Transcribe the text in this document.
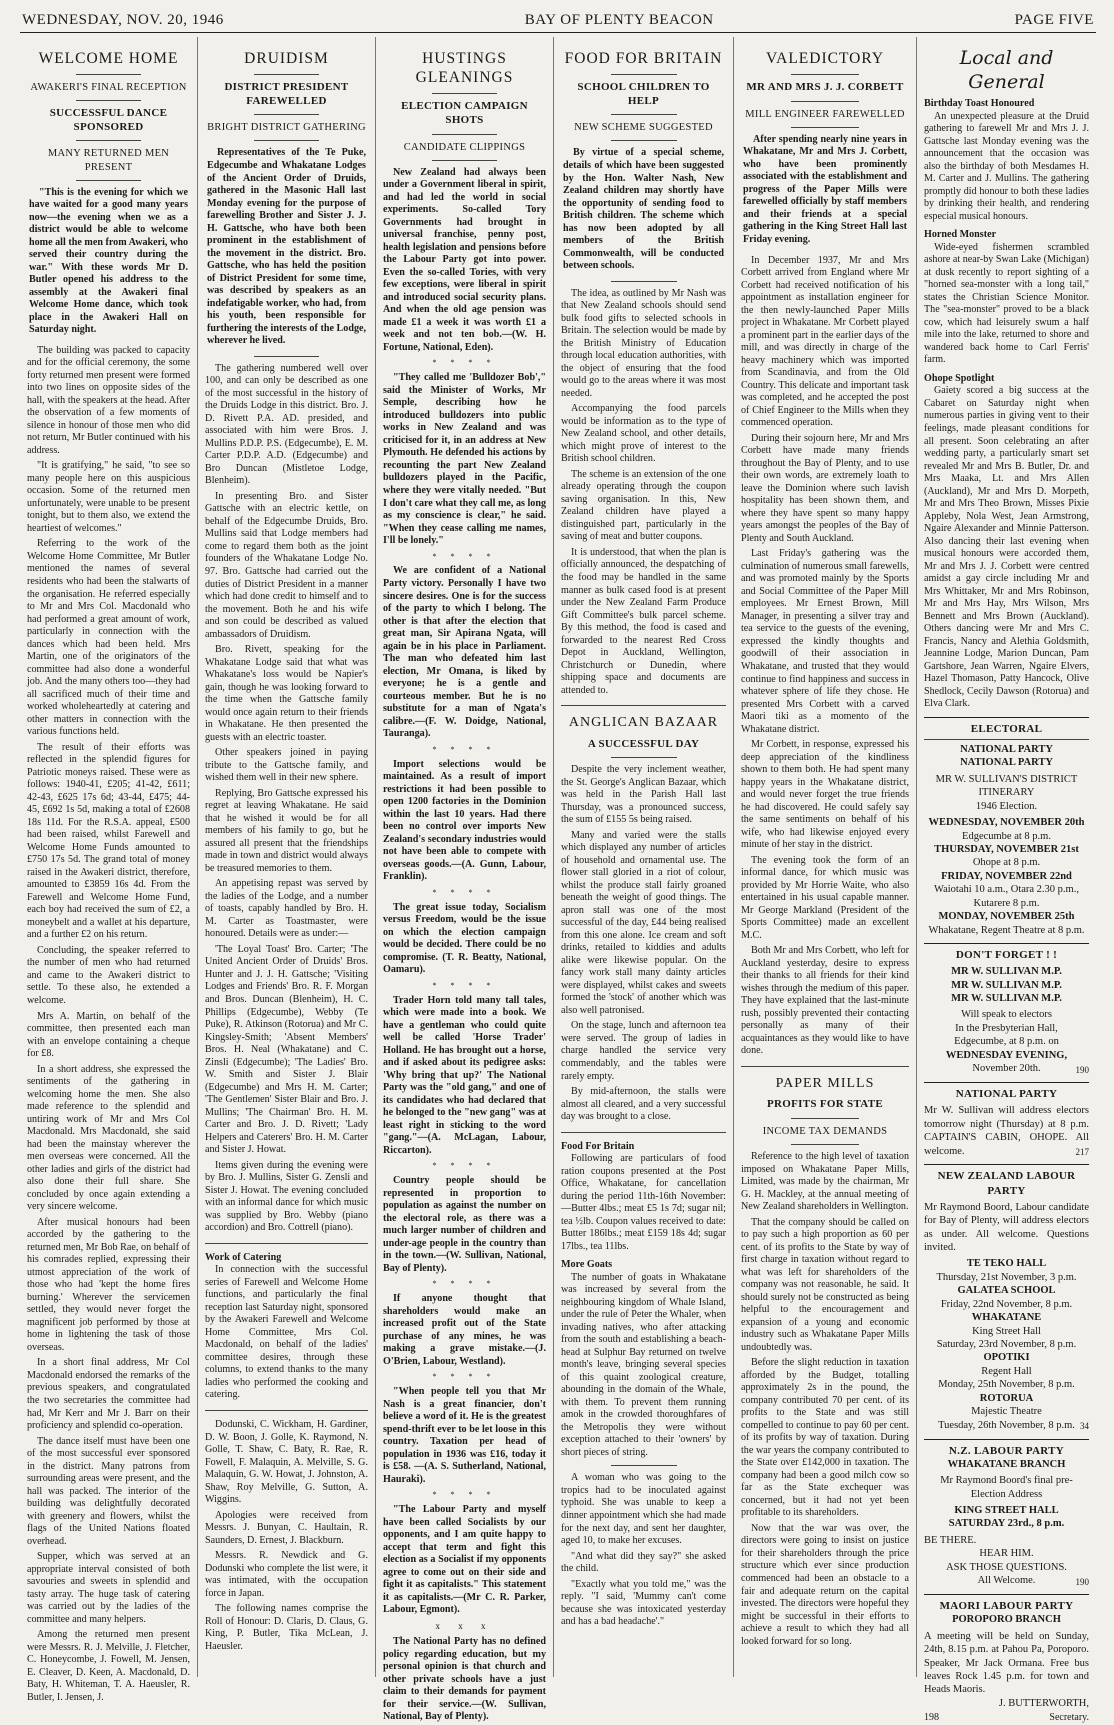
WEDNESDAY, NOV. 20, 1946	BAY OF PLENTY BEACON	PAGE FIVE
WELCOME HOME
AWAKERI'S FINAL RECEPTION
SUCCESSFUL DANCE SPONSORED
MANY RETURNED MEN PRESENT

"This is the evening for which we have waited for a good many years now—the evening when we as a district would be able to welcome home all the men from Awakeri, who served their country during the war." With these words Mr D. Butler opened his address to the assembly at the Awakeri final Welcome Home dance, which took place in the Awakeri Hall on Saturday night.

The building was packed to capacity and for the official ceremony, the some forty returned men present were formed into two lines on opposite sides of the hall, with the speakers at the head. After the observation of a few moments of silence in honour of those men who did not return, Mr Butler continued with his address.

"It is gratifying," he said, "to see so many people here on this auspicious occasion. Some of the returned men unfortunately, were unable to be present tonight, but to them also, we extend the heartiest of welcomes."

Referring to the work of the Welcome Home Committee, Mr Butler mentioned the names of several residents who had been the stalwarts of the organisation. He referred especially to Mr and Mrs Col. Macdonald who had performed a great amount of work, particularly in connection with the dances which had been held. Mrs Martin, one of the originators of the committee had also done a wonderful job. And the many others too—they had all sacrificed much of their time and worked wholeheartedly at catering and other matters in connection with the various functions held.

The result of their efforts was reflected in the splendid figures for Patriotic moneys raised. These were as follows: 1940-41, £205; 41-42, £611; 42-43, £625 17s 6d; 43-44, £475; 44-45, £692 1s 5d, making a total of £2608 18s 11d. For the R.S.A. appeal, £500 had been raised, whilst Farewell and Welcome Home Funds amounted to £750 17s 5d. The grand total of money raised in the Awakeri district, therefore, amounted to £3859 16s 4d. From the Farewell and Welcome Home Fund, each boy had received the sum of £2, a moneybelt and a wallet at his departure, and a further £2 on his return.

Concluding, the speaker referred to the number of men who had returned and came to the Awakeri district to settle. To these also, he extended a welcome.

Mrs A. Martin, on behalf of the committee, then presented each man with an envelope containing a cheque for £8.

In a short address, she expressed the sentiments of the gathering in welcoming home the men. She also made reference to the splendid and untiring work of Mr and Mrs Col Macdonald. Mrs Macdonald, she said had been the mainstay wherever the men overseas were concerned. All the other ladies and girls of the district had also done their full share. She concluded by once again extending a very sincere welcome.

After musical honours had been accorded by the gathering to the returned men, Mr Bob Rae, on behalf of his comrades replied, expressing their utmost appreciation of the work of those who had 'kept the home fires burning.' Wherever the servicemen settled, they would never forget the magnificent job performed by those at home in lightening the task of those overseas.

In a short final address, Mr Col Macdonald endorsed the remarks of the previous speakers, and congratulated the two secretaries the committee had had, Mr Kerr and Mr J. Barr on their proficiency and splendid co-operation.

The dance itself must have been one of the most successful ever sponsored in the district. Many patrons from surrounding areas were present, and the hall was packed. The interior of the building was delightfully decorated with greenery and flowers, whilst the flags of the United Nations floated overhead.

Supper, which was served at an appropriate interval consisted of both savouries and sweets in splendid and tasty array. The huge task of catering was carried out by the ladies of the committee and many helpers.

Among the returned men present were Messrs. R. J. Melville, J. Fletcher, C. Honeycombe, J. Fowell, M. Jensen, E. Cleaver, D. Keen, A. Macdonald, D. Baty, H. Whiteman, T. A. Haeusler, R. Butler, I. Jensen, J.

DRUIDISM
DISTRICT PRESIDENT FAREWELLED
BRIGHT DISTRICT GATHERING

Representatives of the Te Puke, Edgecumbe and Whakatane Lodges of the Ancient Order of Druids, gathered in the Masonic Hall last Monday evening for the purpose of farewelling Brother and Sister J. J. H. Gattsche, who have both been prominent in the establishment of the movement in the district. Bro. Gattsche, who has held the position of District President for some time, was described by speakers as an indefatigable worker, who had, from his youth, been responsible for furthering the interests of the Lodge, wherever he lived.

The gathering numbered well over 100, and can only be described as one of the most successful in the history of the Druids Lodge in this district. Bro. J. D. Rivett P.A. AD. presided, and associated with him were Bros. J. Mullins P.D.P. P.S. (Edgecumbe), E. M. Carter P.D.P. A.D. (Edgecumbe) and Bro Duncan (Mistletoe Lodge, Blenheim).

In presenting Bro. and Sister Gattsche with an electric kettle, on behalf of the Edgecumbe Druids, Bro. Mullins said that Lodge members had come to regard them both as the joint founders of the Whakatane Lodge No. 97. Bro. Gattsche had carried out the duties of District President in a manner which had done credit to himself and to the movement. Both he and his wife and son could be described as valued ambassadors of Druidism.

Bro. Rivett, speaking for the Whakatane Lodge said that what was Whakatane's loss would be Napier's gain, though he was looking forward to the time when the Gattsche family would once again return to their friends in Whakatane. He then presented the guests with an electric toaster.

Other speakers joined in paying tribute to the Gattsche family, and wished them well in their new sphere.

Replying, Bro Gattsche expressed his regret at leaving Whakatane. He said that he wished it would be for all members of his family to go, but he assured all present that the friendships made in town and district would always be treasured memories to them.

An appetising repast was served by the ladies of the Lodge, and a number of toasts, capably handled by Bro. H. M. Carter as Toastmaster, were honoured. Details were as under:—

'The Loyal Toast' Bro. Carter; 'The United Ancient Order of Druids' Bros. Hunter and J. J. H. Gattsche; 'Visiting Lodges and Friends' Bro. R. F. Morgan and Bros. Duncan (Blenheim), H. C. Phillips (Edgecumbe), Webby (Te Puke), R. Atkinson (Rotorua) and Mr C. Kingsley-Smith; 'Absent Members' Bros. H. Neal (Whakatane) and C. Zinsli (Edgecumbe); 'The Ladies' Bro. W. Smith and Sister J. Blair (Edgecumbe) and Mrs H. M. Carter; 'The Gentlemen' Sister Blair and Bro. J. Mullins; 'The Chairman' Bro. H. M. Carter and Bro. J. D. Rivett; 'Lady Helpers and Caterers' Bro. H. M. Carter and Sister J. Howat.

Items given during the evening were by Bro. J. Mullins, Sister G. Zensli and Sister J. Howat. The evening concluded with an informal dance for which music was supplied by Bro. Webby (piano accordion) and Bro. Cottrell (piano).

Work of Catering

In connection with the successful series of Farewell and Welcome Home functions, and particularly the final reception last Saturday night, sponsored by the Awakeri Farewell and Welcome Home Committee, Mrs Col. Macdonald, on behalf of the ladies' committee desires, through these columns, to extend thanks to the many ladies who performed the cooking and catering.

Dodunski, C. Wickham, H. Gardiner, D. W. Boon, J. Golle, K. Raymond, N. Golle, T. Shaw, C. Baty, R. Rae, R. Fowell, F. Malaquin, A. Melville, S. G. Malaquin, G. W. Howat, J. Johnston, A. Shaw, Roy Melville, G. Sutton, A. Wiggins.

Apologies were received from Messrs. J. Bunyan, C. Haultain, R. Saunders, D. Ernest, J. Blackburn.

Messrs. R. Newdick and G. Dodunski who complete the list were, it was intimated, with the occupation force in Japan.

The following names comprise the Roll of Honour: D. Claris, D. Claus, G. King, P. Butler, Tika McLean, J. Haeusler.

HUSTINGS GLEANINGS
ELECTION CAMPAIGN SHOTS
CANDIDATE CLIPPINGS

New Zealand had always been under a Government liberal in spirit, and had led the world in social experiments. So-called Tory Governments had brought in universal franchise, penny post, health legislation and pensions before the Labour Party got into power. Even the so-called Tories, with very few exceptions, were liberal in spirit and introduced social security plans. And when the old age pension was made £1 a week it was worth £1 a week and not ten bob.—(W. H. Fortune, National, Eden).

* * * *

"They called me 'Bulldozer Bob'," said the Minister of Works, Mr Semple, describing how he introduced bulldozers into public works in New Zealand and was criticised for it, in an address at New Plymouth. He defended his actions by recounting the part New Zealand bulldozers played in the Pacific, where they were vitally needed. "But I don't care what they call me, as long as my conscience is clear," he said. "When they cease calling me names, I'll be lonely."

* * * *

We are confident of a National Party victory. Personally I have two sincere desires. One is for the success of the party to which I belong. The other is that after the election that great man, Sir Apirana Ngata, will again be in his place in Parliament. The man who defeated him last election, Mr Omana, is liked by everyone; he is a gentle and courteous member. But he is no substitute for a man of Ngata's calibre.—(F. W. Doidge, National, Tauranga).

* * * *

Import selections would be maintained. As a result of import restrictions it had been possible to open 1200 factories in the Dominion within the last 10 years. Had there been no control over imports New Zealand's secondary industries would not have been able to compete with overseas goods.—(A. Gunn, Labour, Franklin).

* * * *

The great issue today, Socialism versus Freedom, would be the issue on which the election campaign would be decided. There could be no compromise. (T. R. Beatty, National, Oamaru).

* * * *

Trader Horn told many tall tales, which were made into a book. We have a gentleman who could quite well be called 'Horse Trader' Holland. He has brought out a horse, and if asked about its pedigree asks: 'Why bring that up?' The National Party was the "old gang," and one of its candidates who had declared that he belonged to the "new gang" was at least right in sticking to the word "gang."—(A. McLagan, Labour, Riccarton).

* * * *

Country people should be represented in proportion to population as against the number on the electoral role, as there was a much larger number of children and under-age people in the country than in the town.—(W. Sullivan, National, Bay of Plenty).

* * * *

If anyone thought that shareholders would make an increased profit out of the State purchase of any mines, he was making a grave mistake.—(J. O'Brien, Labour, Westland).

* * * *

"When people tell you that Mr Nash is a great financier, don't believe a word of it. He is the greatest spend-thrift ever to be let loose in this country. Taxation per head of population in 1936 was £16, today it is £58. —(A. S. Sutherland, National, Hauraki).

* * * *

"The Labour Party and myself have been called Socialists by our opponents, and I am quite happy to accept that term and fight this election as a Socialist if my opponents agree to come out on their side and fight it as capitalists." This statement it as capitalists.—(Mr C. R. Parker, Labour, Egmont).

x x x

The National Party has no defined policy regarding education, but my personal opinion is that church and other private schools have a just claim to their demands for payment for their service.—(W. Sullivan, National, Bay of Plenty).

FOOD FOR BRITAIN
SCHOOL CHILDREN TO HELP
NEW SCHEME SUGGESTED

By virtue of a special scheme, details of which have been suggested by the Hon. Walter Nash, New Zealand children may shortly have the opportunity of sending food to British children. The scheme which has now been adopted by all members of the British Commonwealth, will be conducted between schools.

The idea, as outlined by Mr Nash was that New Zealand schools should send bulk food gifts to selected schools in Britain. The selection would be made by the British Ministry of Education through local education authorities, with the object of ensuring that the food would go to the areas where it was most needed.

Accompanying the food parcels would be information as to the type of New Zealand school, and other details, which might prove of interest to the British school children.

The scheme is an extension of the one already operating through the coupon saving organisation. In this, New Zealand children have played a distinguished part, particularly in the saving of meat and butter coupons.

It is understood, that when the plan is officially announced, the despatching of the food may be handled in the same manner as bulk cased food is at present under the New Zealand Farm Produce Gift Committee's bulk parcel scheme. By this method, the food is cased and forwarded to the nearest Red Cross Depot in Auckland, Wellington, Christchurch or Dunedin, where shipping space and documents are attended to.

ANGLICAN BAZAAR
A SUCCESSFUL DAY

Despite the very inclement weather, the St. George's Anglican Bazaar, which was held in the Parish Hall last Thursday, was a pronounced success, the sum of £155 5s being raised.

Many and varied were the stalls which displayed any number of articles of household and ornamental use. The flower stall gloried in a riot of colour, whilst the produce stall fairly groaned beneath the weight of good things. The apron stall was one of the most successful of the day, £44 being realised from this one alone. Ice cream and soft drinks, retailed to kiddies and adults alike were likewise popular. On the fancy work stall many dainty articles were displayed, whilst cakes and sweets formed the 'stock' of another which was also well patronised.

On the stage, lunch and afternoon tea were served. The group of ladies in charge handled the service very commendably, and the tables were rarely empty.

By mid-afternoon, the stalls were almost all cleared, and a very successful day was brought to a close.

Food For Britain

Following are particulars of food ration coupons presented at the Post Office, Whakatane, for cancellation during the period 11th-16th November:—Butter 4lbs.; meat £5 1s 7d; sugar nil; tea ½lb. Coupon values received to date: Butter 186lbs.; meat £159 18s 4d; sugar 17lbs., tea 11lbs.

More Goats

The number of goats in Whakatane was increased by several from the neighbouring kingdom of Whale Island, under the rule of Peter the Whaler, when invading natives, who after attacking from the south and establishing a beach-head at Sulphur Bay returned on twelve month's leave, bringing several species of this quaint zoological creature, abounding in the domain of the Whale, with them. To prevent them running amok in the crowded thoroughfares of the Metropolis they were without exception attached to their 'owners' by short pieces of string.

A woman who was going to the tropics had to be inoculated against typhoid. She was unable to keep a dinner appointment which she had made for the next day, and sent her daughter, aged 10, to make her excuses.

"And what did they say?" she asked the child.

"Exactly what you told me," was the reply. "I said, 'Mummy can't come because she was intoxicated yesterday and has a bad headache'."

VALEDICTORY
MR AND MRS J. J. CORBETT
MILL ENGINEER FAREWELLED

After spending nearly nine years in Whakatane, Mr and Mrs J. Corbett, who have been prominently associated with the establishment and progress of the Paper Mills were farewelled officially by staff members and their friends at a special gathering in the King Street Hall last Friday evening.

In December 1937, Mr and Mrs Corbett arrived from England where Mr Corbett had received notification of his appointment as installation engineer for the then newly-launched Paper Mills project in Whakatane. Mr Corbett played a prominent part in the earlier days of the mill, and was directly in charge of the heavy machinery which was imported from Scandinavia, and from the Old Country. This delicate and important task was completed, and he accepted the post of Chief Engineer to the Mills when they commenced operation.

During their sojourn here, Mr and Mrs Corbett have made many friends throughout the Bay of Plenty, and to use their own words, are extremely loath to leave the Dominion where such lavish hospitality has been shown them, and where they have spent so many happy years amongst the peoples of the Bay of Plenty and South Auckland.

Last Friday's gathering was the culmination of numerous small farewells, and was promoted mainly by the Sports and Social Committee of the Paper Mill employees. Mr Ernest Brown, Mill Manager, in presenting a silver tray and tea service to the guests of the evening, expressed the kindly thoughts and goodwill of their association in Whakatane, and trusted that they would continue to find happiness and success in whatever sphere of life they chose. He presented Mrs Corbett with a carved Maori tiki as a momento of the Whakatane district.

Mr Corbett, in response, expressed his deep appreciation of the kindliness shown to them both. He had spent many happy years in the Whakatane district, and would never forget the true friends he had discovered. He could safely say the same sentiments on behalf of his wife, who had likewise enjoyed every minute of her stay in the district.

The evening took the form of an informal dance, for which music was provided by Mr Horrie Waite, who also entertained in his usual capable manner. Mr George Markland (President of the Sports Committee) made an excellent M.C.

Both Mr and Mrs Corbett, who left for Auckland yesterday, desire to express their thanks to all friends for their kind wishes through the medium of this paper. They have explained that the last-minute rush, possibly prevented their contacting personally as many of their acquaintances as they would like to have done.

PAPER MILLS
PROFITS FOR STATE
INCOME TAX DEMANDS

Reference to the high level of taxation imposed on Whakatane Paper Mills, Limited, was made by the chairman, Mr G. H. Mackley, at the annual meeting of New Zealand shareholders in Wellington.

That the company should be called on to pay such a high proportion as 60 per cent. of its profits to the State by way of first charge in taxation without regard to what was left for shareholders of the company was not reasonable, he said. It should surely not be constructed as being helpful to the encouragement and expansion of a young and economic industry such as Whakatane Paper Mills undoubtedly was.

Before the slight reduction in taxation afforded by the Budget, totalling approximately 2s in the pound, the company contributed 70 per cent. of its profits to the State and was still compelled to continue to pay 60 per cent. of its profits by way of taxation. During the war years the company contributed to the State over £142,000 in taxation. The company had been a good milch cow so far as the State exchequer was concerned, but it had not yet been profitable to its shareholders.

Now that the war was over, the directors were going to insist on justice for their shareholders through the price structure which ever since production commenced had been an obstacle to a fair and adequate return on the capital invested. The directors were hopeful they might be successful in their efforts to achieve a result to which they had all looked forward for so long.

Local and General
Birthday Toast Honoured

An unexpected pleasure at the Druid gathering to farewell Mr and Mrs J. J. Gattsche last Monday evening was the announcement that the occasion was also the birthday of both Mesdames H. M. Carter and J. Mullins. The gathering promptly did honour to both these ladies by drinking their health, and rendering especial musical honours.

Horned Monster

Wide-eyed fishermen scrambled ashore at near-by Swan Lake (Michigan) at dusk recently to report sighting of a "horned sea-monster with a long tail," states the Christian Science Monitor. The "sea-monster" proved to be a black cow, which had leisurely swum a half mile into the lake, returned to shore and wandered back home to Carl Ferris' farm.

Ohope Spotlight

Gaiety scored a big success at the Cabaret on Saturday night when numerous parties in giving vent to their feelings, made pleasant conditions for all present. Soon celebrating an after wedding party, a particularly smart set revealed Mr and Mrs B. Butler, Dr. and Mrs Maaka, Lt. and Mrs Allen (Auckland), Mr and Mrs D. Morpeth, Mr and Mrs Theo Brown, Misses Pixie Appleby, Nola West, Jean Armstrong, Ngaire Alexander and Minnie Patterson. Also dancing their last evening when musical honours were accorded them, Mr and Mrs J. J. Corbett were centred amidst a gay circle including Mr and Mrs Whittaker, Mr and Mrs Robinson, Mr and Mrs Hay, Mrs Wilson, Mrs Bennett and Mrs Brown (Auckland). Others dancing were Mr and Mrs C. Francis, Nancy and Alethia Goldsmith, Jeannine Lodge, Marion Duncan, Pam Gartshore, Jean Warren, Ngaire Elvers, Hazel Thomason, Patty Hancock, Olive Shedlock, Cecily Dawson (Rotorua) and Elva Clark.

ELECTORAL

NATIONAL PARTY

NATIONAL PARTY

MR W. SULLIVAN'S DISTRICT ITINERARY

1946 Election.

WEDNESDAY, NOVEMBER 20th

Edgecumbe at 8 p.m.

THURSDAY, NOVEMBER 21st

Ohope at 8 p.m.

FRIDAY, NOVEMBER 22nd

Waiotahi 10 a.m., Otara 2.30 p.m., Kutarere 8 p.m.

MONDAY, NOVEMBER 25th

Whakatane, Regent Theatre at 8 p.m.

DON'T FORGET ! !

MR W. SULLIVAN M.P.

MR W. SULLIVAN M.P.

MR W. SULLIVAN M.P.

Will speak to electors

In the Presbyterian Hall,

Edgecumbe, at 8 p.m. on

WEDNESDAY EVENING,

November 20th.	190

NATIONAL PARTY

Mr W. Sullivan will address electors tomorrow night (Thursday) at 8 p.m. CAPTAIN'S CABIN, OHOPE. All welcome.	217

NEW ZEALAND LABOUR PARTY

Mr Raymond Boord, Labour candidate for Bay of Plenty, will address electors as under. All welcome. Questions invited.

TE TEKO HALL

Thursday, 21st November, 3 p.m.

GALATEA SCHOOL

Friday, 22nd November, 8 p.m.

WHAKATANE

King Street Hall

Saturday, 23rd November, 8 p.m.

OPOTIKI

Regent Hall

Monday, 25th November, 8 p.m.

ROTORUA

Majestic Theatre

Tuesday, 26th November, 8 p.m. 34

N.Z. LABOUR PARTY

WHAKATANE BRANCH

Mr Raymond Boord's final pre-Election Address

KING STREET HALL

SATURDAY 23rd., 8 p.m.

BE THERE.

HEAR HIM.

ASK THOSE QUESTIONS.

All Welcome.	190

MAORI LABOUR PARTY

POROPORO BRANCH

A meeting will be held on Sunday, 24th, 8.15 p.m. at Pahou Pa, Poroporo. Speaker, Mr Jack Ormana. Free bus leaves Rock 1.45 p.m. for town and Heads Maoris.

J. BUTTERWORTH,

198	Secretary.
